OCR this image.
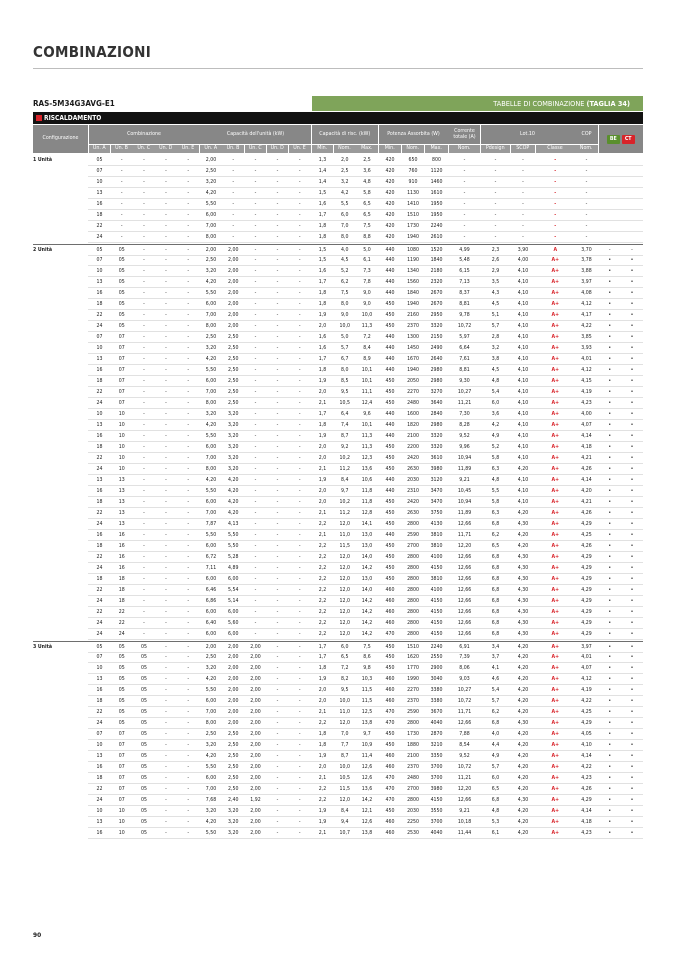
COMBINAZIONI
RAS-5M34G3AVG-E1	TABELLE DI COMBINAZIONE (TAGLIA 34)
RISCALDAMENTO
Configurazione
Combinazione	Capacità dell'unità (kW)	Capacità di risc. (kW)	Potenza Assorbita (W)	Corrente totale (A)	Lot.10	COP
BE	CT
Un. A	Un. B	Un. C	Un. D	Un. E	Un. A	Un. B	Un. C	Un. D	Un. E	Min.	Nom.	Max.	Min.	Nom.	Max.	Nom.	Pdesign	SCOP	Classe	Nom.
1 Unità	05	-	-	-	-	2,00	-	-	-	-	1,3	2,0	2,5	420	650	800	-	-	-	-	-
07	-	-	-	-	2,50	-	-	-	-	1,4	2,5	3,6	420	760	1120	-	-	-	-	-
10	-	-	-	-	3,20	-	-	-	-	1,4	3,2	4,8	420	910	1460	-	-	-	-	-
13	-	-	-	-	4,20	-	-	-	-	1,5	4,2	5,8	420	1130	1610	-	-	-	-	-
16	-	-	-	-	5,50	-	-	-	-	1,6	5,5	6,5	420	1410	1950	-	-	-	-	-
18	-	-	-	-	6,00	-	-	-	-	1,7	6,0	6,5	420	1510	1950	-	-	-	-	-
22	-	-	-	-	7,00	-	-	-	-	1,8	7,0	7,5	420	1730	2240	-	-	-	-	-
24	-	-	-	-	8,00	-	-	-	-	1,8	8,0	8,8	420	1940	2610	-	-	-	-	-
2 Unità	05	05	-	-	-	2,00	2,00	-	-	-	1,5	4,0	5,0	440	1080	1520	4,99	2,3	3,90	A	3,70	-	-
07	05	-	-	-	2,50	2,00	-	-	-	1,5	4,5	6,1	440	1190	1840	5,48	2,6	4,00	A+	3,78	•	•
10	05	-	-	-	3,20	2,00	-	-	-	1,6	5,2	7,3	440	1340	2180	6,15	2,9	4,10	A+	3,88	•	•
13	05	-	-	-	4,20	2,00	-	-	-	1,7	6,2	7,8	440	1560	2320	7,13	3,5	4,10	A+	3,97	•	•
16	05	-	-	-	5,50	2,00	-	-	-	1,8	7,5	9,0	440	1840	2670	8,37	4,3	4,10	A+	4,08	•	•
18	05	-	-	-	6,00	2,00	-	-	-	1,8	8,0	9,0	450	1940	2670	8,81	4,5	4,10	A+	4,12	•	•
22	05	-	-	-	7,00	2,00	-	-	-	1,9	9,0	10,0	450	2160	2950	9,78	5,1	4,10	A+	4,17	•	•
24	05	-	-	-	8,00	2,00	-	-	-	2,0	10,0	11,3	450	2370	3320	10,72	5,7	4,10	A+	4,22	•	•
07	07	-	-	-	2,50	2,50	-	-	-	1,6	5,0	7,2	440	1300	2150	5,97	2,8	4,10	A+	3,85	•	•
10	07	-	-	-	3,20	2,50	-	-	-	1,6	5,7	8,4	440	1450	2490	6,64	3,2	4,10	A+	3,93	•	•
13	07	-	-	-	4,20	2,50	-	-	-	1,7	6,7	8,9	440	1670	2640	7,61	3,8	4,10	A+	4,01	•	•
16	07	-	-	-	5,50	2,50	-	-	-	1,8	8,0	10,1	440	1940	2980	8,81	4,5	4,10	A+	4,12	•	•
18	07	-	-	-	6,00	2,50	-	-	-	1,9	8,5	10,1	450	2050	2980	9,30	4,8	4,10	A+	4,15	•	•
22	07	-	-	-	7,00	2,50	-	-	-	2,0	9,5	11,1	450	2270	3270	10,27	5,4	4,10	A+	4,19	•	•
24	07	-	-	-	8,00	2,50	-	-	-	2,1	10,5	12,4	450	2480	3640	11,21	6,0	4,10	A+	4,23	•	•
10	10	-	-	-	3,20	3,20	-	-	-	1,7	6,4	9,6	440	1600	2840	7,30	3,6	4,10	A+	4,00	•	•
13	10	-	-	-	4,20	3,20	-	-	-	1,8	7,4	10,1	440	1820	2980	8,28	4,2	4,10	A+	4,07	•	•
16	10	-	-	-	5,50	3,20	-	-	-	1,9	8,7	11,3	440	2100	3320	9,52	4,9	4,10	A+	4,14	•	•
18	10	-	-	-	6,00	3,20	-	-	-	2,0	9,2	11,3	450	2200	3320	9,96	5,2	4,10	A+	4,18	•	•
22	10	-	-	-	7,00	3,20	-	-	-	2,0	10,2	12,3	450	2420	3610	10,94	5,8	4,10	A+	4,21	•	•
24	10	-	-	-	8,00	3,20	-	-	-	2,1	11,2	13,6	450	2630	3980	11,89	6,3	4,20	A+	4,26	•	•
13	13	-	-	-	4,20	4,20	-	-	-	1,9	8,4	10,6	440	2030	3120	9,21	4,8	4,10	A+	4,14	•	•
16	13	-	-	-	5,50	4,20	-	-	-	2,0	9,7	11,8	440	2310	3470	10,45	5,5	4,10	A+	4,20	•	•
18	13	-	-	-	6,00	4,20	-	-	-	2,0	10,2	11,8	450	2420	3470	10,94	5,8	4,10	A+	4,21	•	•
22	13	-	-	-	7,00	4,20	-	-	-	2,1	11,2	12,8	450	2630	3750	11,89	6,3	4,20	A+	4,26	•	•
24	13	-	-	-	7,87	4,13	-	-	-	2,2	12,0	14,1	450	2800	4130	12,66	6,8	4,30	A+	4,29	•	•
16	16	-	-	-	5,50	5,50	-	-	-	2,1	11,0	13,0	440	2590	3810	11,71	6,2	4,20	A+	4,25	•	•
18	16	-	-	-	6,00	5,50	-	-	-	2,2	11,5	13,0	450	2700	3810	12,20	6,5	4,20	A+	4,26	•	•
22	16	-	-	-	6,72	5,28	-	-	-	2,2	12,0	14,0	450	2800	4100	12,66	6,8	4,30	A+	4,29	•	•
24	16	-	-	-	7,11	4,89	-	-	-	2,2	12,0	14,2	450	2800	4150	12,66	6,8	4,30	A+	4,29	•	•
18	18	-	-	-	6,00	6,00	-	-	-	2,2	12,0	13,0	450	2800	3810	12,66	6,8	4,30	A+	4,29	•	•
22	18	-	-	-	6,46	5,54	-	-	-	2,2	12,0	14,0	460	2800	4100	12,66	6,8	4,30	A+	4,29	•	•
24	18	-	-	-	6,86	5,14	-	-	-	2,2	12,0	14,2	460	2800	4150	12,66	6,8	4,30	A+	4,29	•	•
22	22	-	-	-	6,00	6,00	-	-	-	2,2	12,0	14,2	460	2800	4150	12,66	6,8	4,30	A+	4,29	•	•
24	22	-	-	-	6,40	5,60	-	-	-	2,2	12,0	14,2	460	2800	4150	12,66	6,8	4,30	A+	4,29	•	•
24	24	-	-	-	6,00	6,00	-	-	-	2,2	12,0	14,2	470	2800	4150	12,66	6,8	4,30	A+	4,29	•	•
3 Unità	05	05	05	-	-	2,00	2,00	2,00	-	-	1,7	6,0	7,5	450	1510	2240	6,91	3,4	4,20	A+	3,97	•	•
07	05	05	-	-	2,50	2,00	2,00	-	-	1,7	6,5	8,6	450	1620	2550	7,39	3,7	4,20	A+	4,01	•	•
10	05	05	-	-	3,20	2,00	2,00	-	-	1,8	7,2	9,8	450	1770	2900	8,06	4,1	4,20	A+	4,07	•	•
13	05	05	-	-	4,20	2,00	2,00	-	-	1,9	8,2	10,3	460	1990	3040	9,03	4,6	4,20	A+	4,12	•	•
16	05	05	-	-	5,50	2,00	2,00	-	-	2,0	9,5	11,5	460	2270	3380	10,27	5,4	4,20	A+	4,19	•	•
18	05	05	-	-	6,00	2,00	2,00	-	-	2,0	10,0	11,5	460	2370	3380	10,72	5,7	4,20	A+	4,22	•	•
22	05	05	-	-	7,00	2,00	2,00	-	-	2,1	11,0	12,5	470	2590	3670	11,71	6,2	4,20	A+	4,25	•	•
24	05	05	-	-	8,00	2,00	2,00	-	-	2,2	12,0	13,8	470	2800	4040	12,66	6,8	4,30	A+	4,29	•	•
07	07	05	-	-	2,50	2,50	2,00	-	-	1,8	7,0	9,7	450	1730	2870	7,88	4,0	4,20	A+	4,05	•	•
10	07	05	-	-	3,20	2,50	2,00	-	-	1,8	7,7	10,9	450	1880	3210	8,54	4,4	4,20	A+	4,10	•	•
13	07	05	-	-	4,20	2,50	2,00	-	-	1,9	8,7	11,4	460	2100	3350	9,52	4,9	4,20	A+	4,14	•	•
16	07	05	-	-	5,50	2,50	2,00	-	-	2,0	10,0	12,6	460	2370	3700	10,72	5,7	4,20	A+	4,22	•	•
18	07	05	-	-	6,00	2,50	2,00	-	-	2,1	10,5	12,6	470	2480	3700	11,21	6,0	4,20	A+	4,23	•	•
22	07	05	-	-	7,00	2,50	2,00	-	-	2,2	11,5	13,6	470	2700	3980	12,20	6,5	4,20	A+	4,26	•	•
24	07	05	-	-	7,68	2,40	1,92	-	-	2,2	12,0	14,2	470	2800	4150	12,66	6,8	4,30	A+	4,29	•	•
10	10	05	-	-	3,20	3,20	2,00	-	-	1,9	8,4	12,1	450	2030	3550	9,21	4,8	4,20	A+	4,14	•	•
13	10	05	-	-	4,20	3,20	2,00	-	-	1,9	9,4	12,6	460	2250	3700	10,18	5,3	4,20	A+	4,18	•	•
16	10	05	-	-	5,50	3,20	2,00	-	-	2,1	10,7	13,8	460	2530	4040	11,44	6,1	4,20	A+	4,23	•	•
90
